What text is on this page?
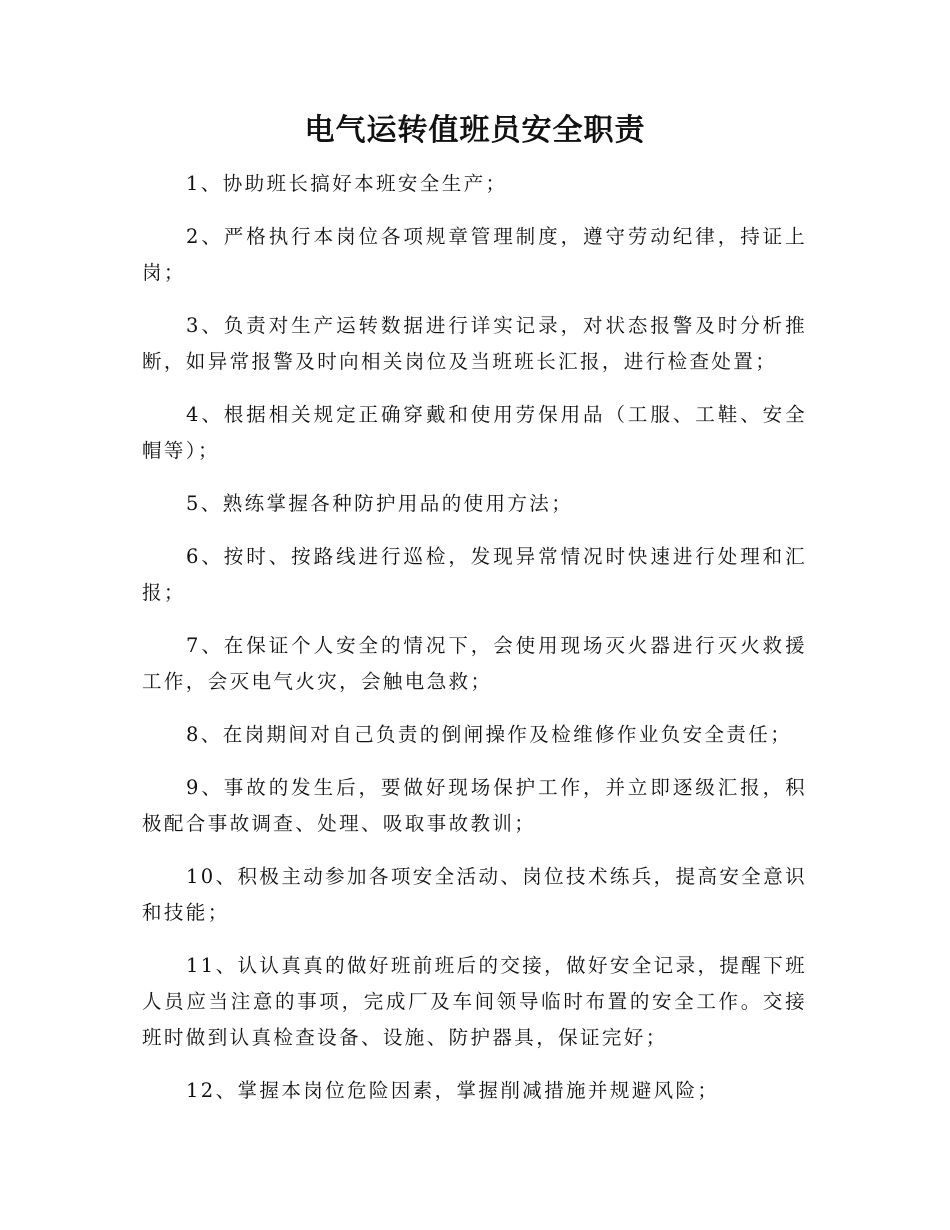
电气运转值班员安全职责

1、协助班长搞好本班安全生产；

2、严格执行本岗位各项规章管理制度，遵守劳动纪律，持证上岗；

3、负责对生产运转数据进行详实记录，对状态报警及时分析推断，如异常报警及时向相关岗位及当班班长汇报，进行检查处置；

4、根据相关规定正确穿戴和使用劳保用品（工服、工鞋、安全帽等）；

5、熟练掌握各种防护用品的使用方法；

6、按时、按路线进行巡检，发现异常情况时快速进行处理和汇报；

7、在保证个人安全的情况下，会使用现场灭火器进行灭火救援工作，会灭电气火灾，会触电急救；

8、在岗期间对自己负责的倒闸操作及检维修作业负安全责任；

9、事故的发生后，要做好现场保护工作，并立即逐级汇报，积极配合事故调查、处理、吸取事故教训；

10、积极主动参加各项安全活动、岗位技术练兵，提高安全意识和技能；

11、认认真真的做好班前班后的交接，做好安全记录，提醒下班人员应当注意的事项，完成厂及车间领导临时布置的安全工作。交接班时做到认真检查设备、设施、防护器具，保证完好；

12、掌握本岗位危险因素，掌握削减措施并规避风险；
